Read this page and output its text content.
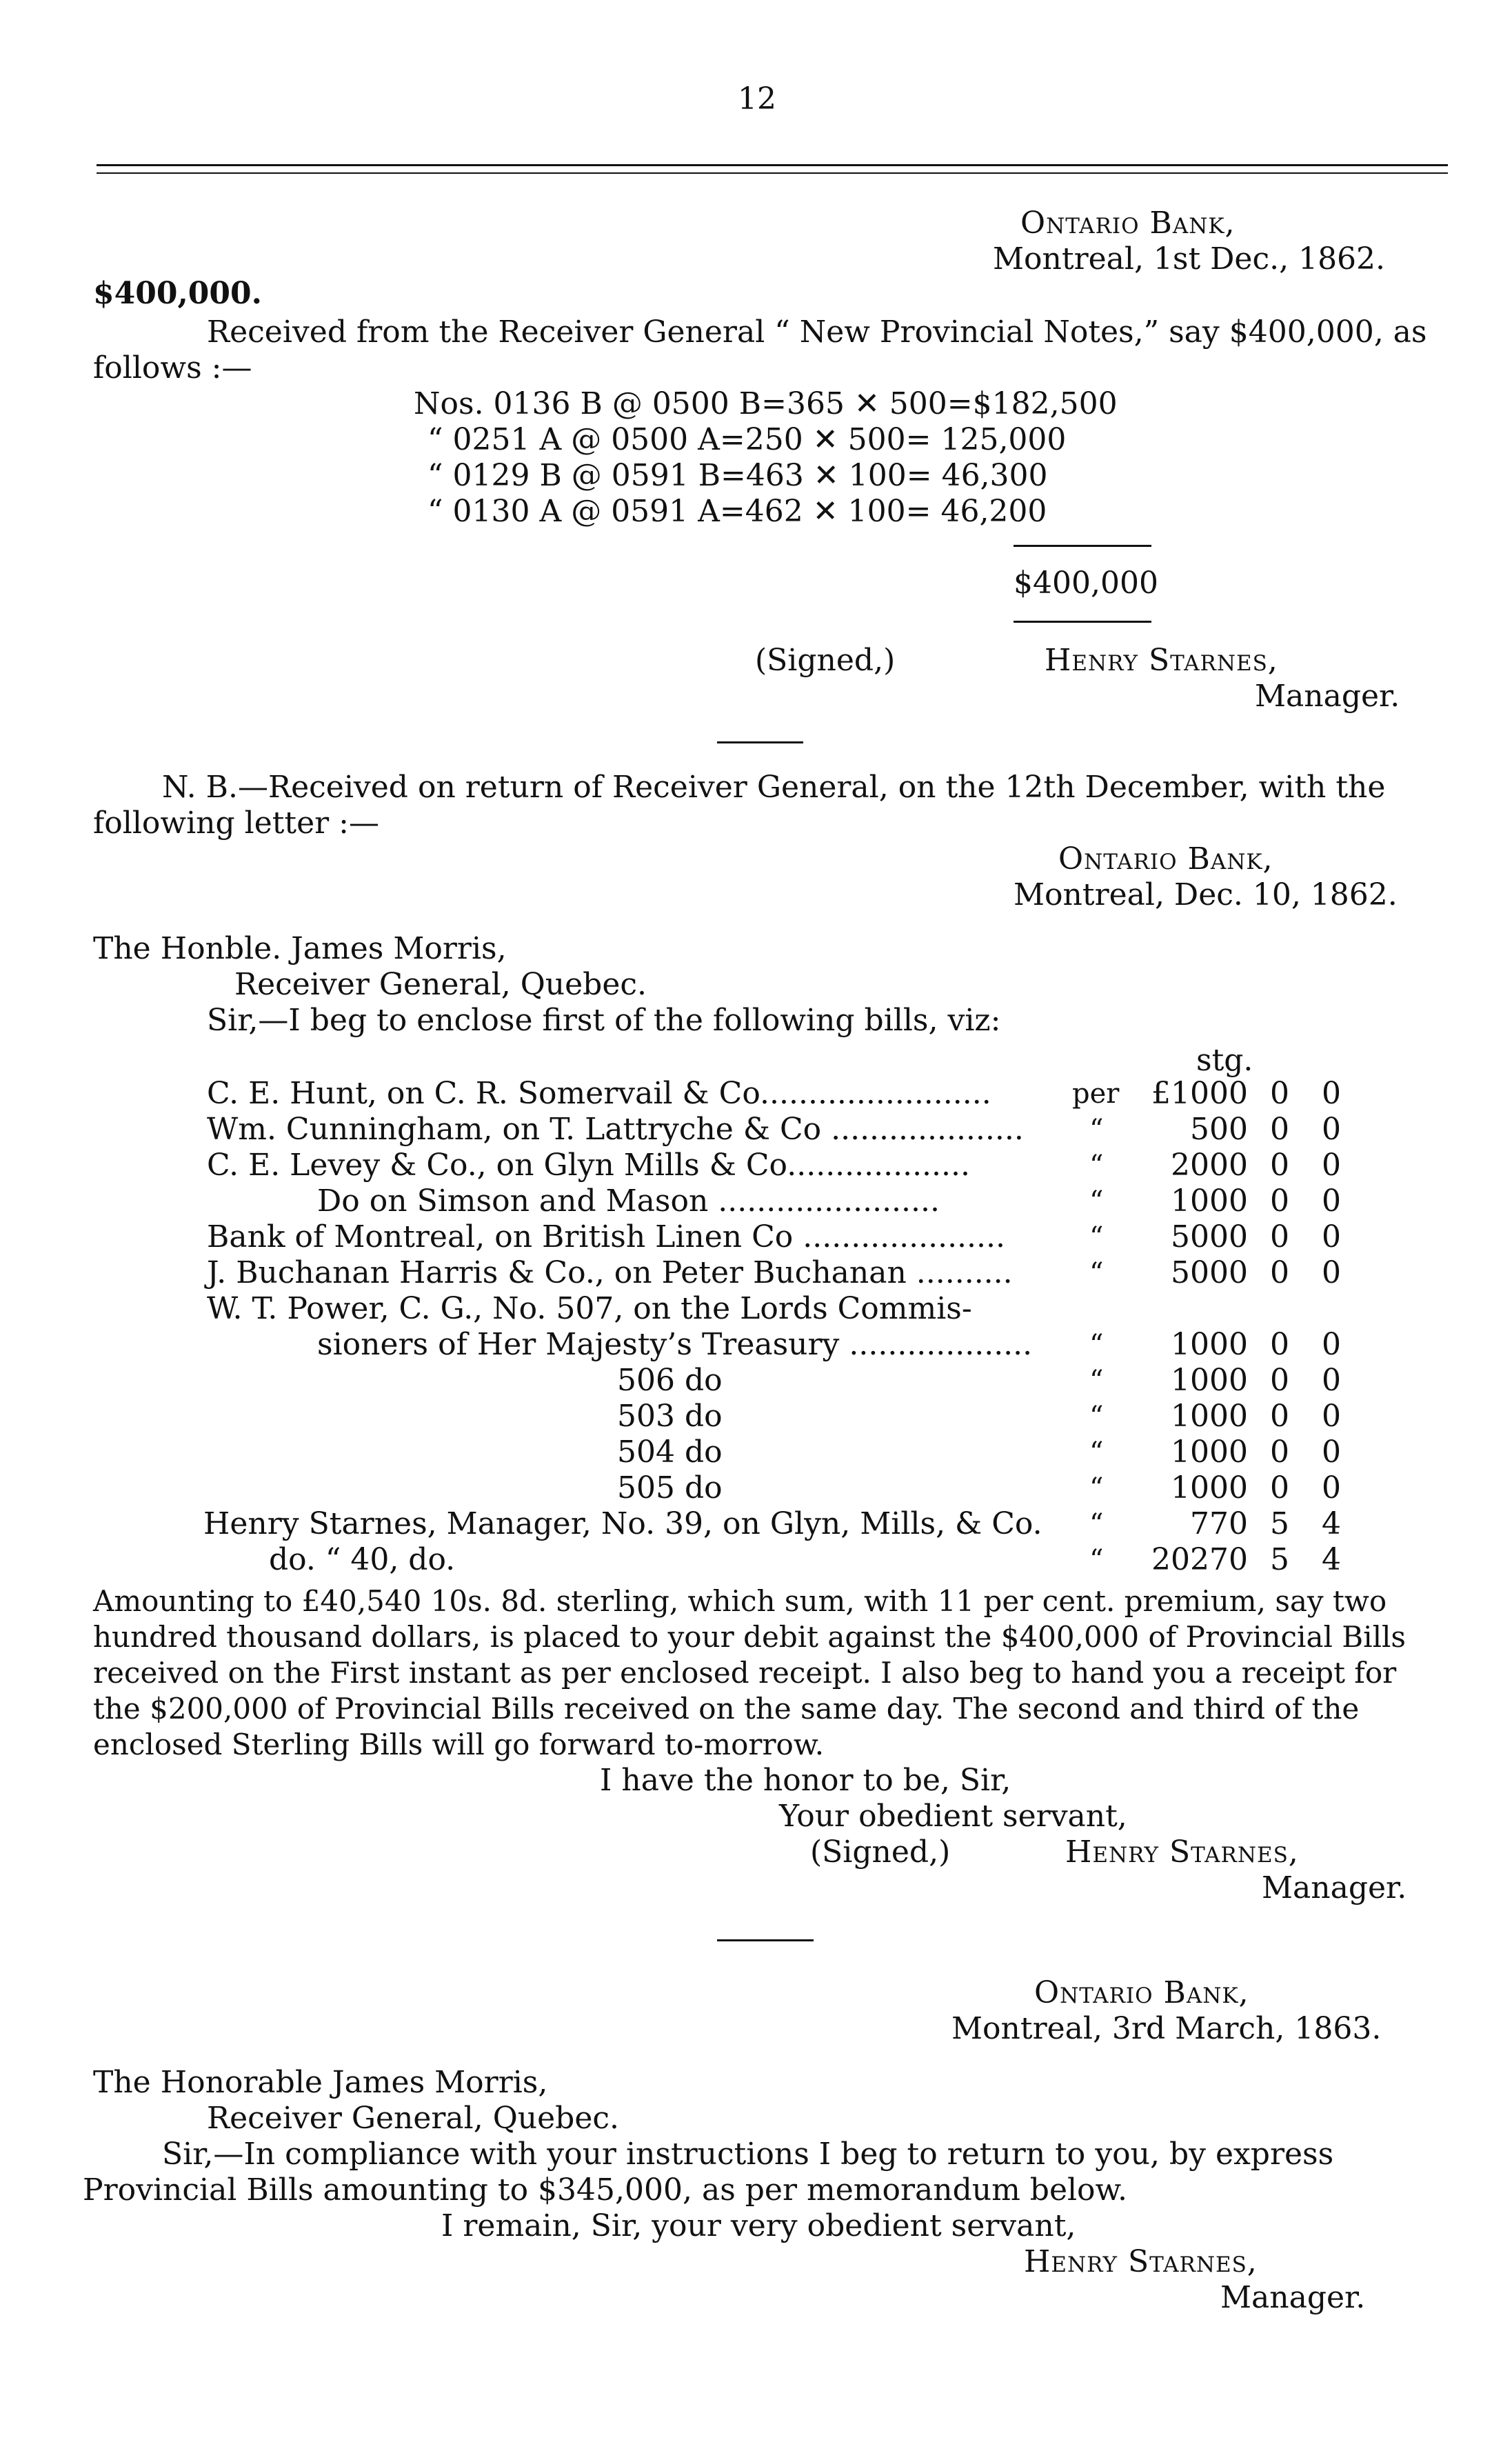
12
Ontario Bank,
Montreal, 1st Dec., 1862.
$400,000.
Received from the Receiver General “ New Provincial Notes,” say $400,000, as
follows :—
Nos. 0136 B @ 0500 B=365 ✕ 500=$182,500
“ 0251 A @ 0500 A=250 ✕ 500= 125,000
“ 0129 B @ 0591 B=463 ✕ 100= 46,300
“ 0130 A @ 0591 A=462 ✕ 100= 46,200
$400,000
(Signed,)	Henry Starnes,
Manager.
N. B.—Received on return of Receiver General, on the 12th December, with the
following letter :—
Ontario Bank,
Montreal, Dec. 10, 1862.
The Honble. James Morris,
Receiver General, Quebec.
Sir,—I beg to enclose first of the following bills, viz:
stg.
C. E. Hunt, on C. R. Somervail & Co........................	per	£1000 0 0
Wm. Cunningham, on T. Lattryche & Co .................... “	500 0 0
C. E. Levey & Co., on Glyn Mills & Co...................	“	2000 0 0
Do on Simson and Mason .......................	“	1000 0 0
Bank of Montreal, on British Linen Co .....................	“	5000 0 0
J. Buchanan Harris & Co., on Peter Buchanan ..........	“	5000 0 0
W. T. Power, C. G., No. 507, on the Lords Commis-
sioners of Her Majesty’s Treasury ................... “	1000 0 0
506 do	“	1000 0 0
503 do	“	1000 0 0
504 do	“	1000 0 0
505 do	“	1000 0 0
Henry Starnes, Manager, No. 39, on Glyn, Mills, & Co. “	770 5 4
do. “ 40, do.	“	20270 5 4
Amounting to £40,540 10s. 8d. sterling, which sum, with 11 per cent. premium, say two
hundred thousand dollars, is placed to your debit against the $400,000 of Provincial Bills
received on the First instant as per enclosed receipt. I also beg to hand you a receipt for
the $200,000 of Provincial Bills received on the same day. The second and third of the
enclosed Sterling Bills will go forward to-morrow.
I have the honor to be, Sir,
Your obedient servant,
(Signed,)	Henry Starnes,
Manager.
Ontario Bank,
Montreal, 3rd March, 1863.
The Honorable James Morris,
Receiver General, Quebec.
Sir,—In compliance with your instructions I beg to return to you, by express
Provincial Bills amounting to $345,000, as per memorandum below.
I remain, Sir, your very obedient servant,
Henry Starnes,
Manager.
